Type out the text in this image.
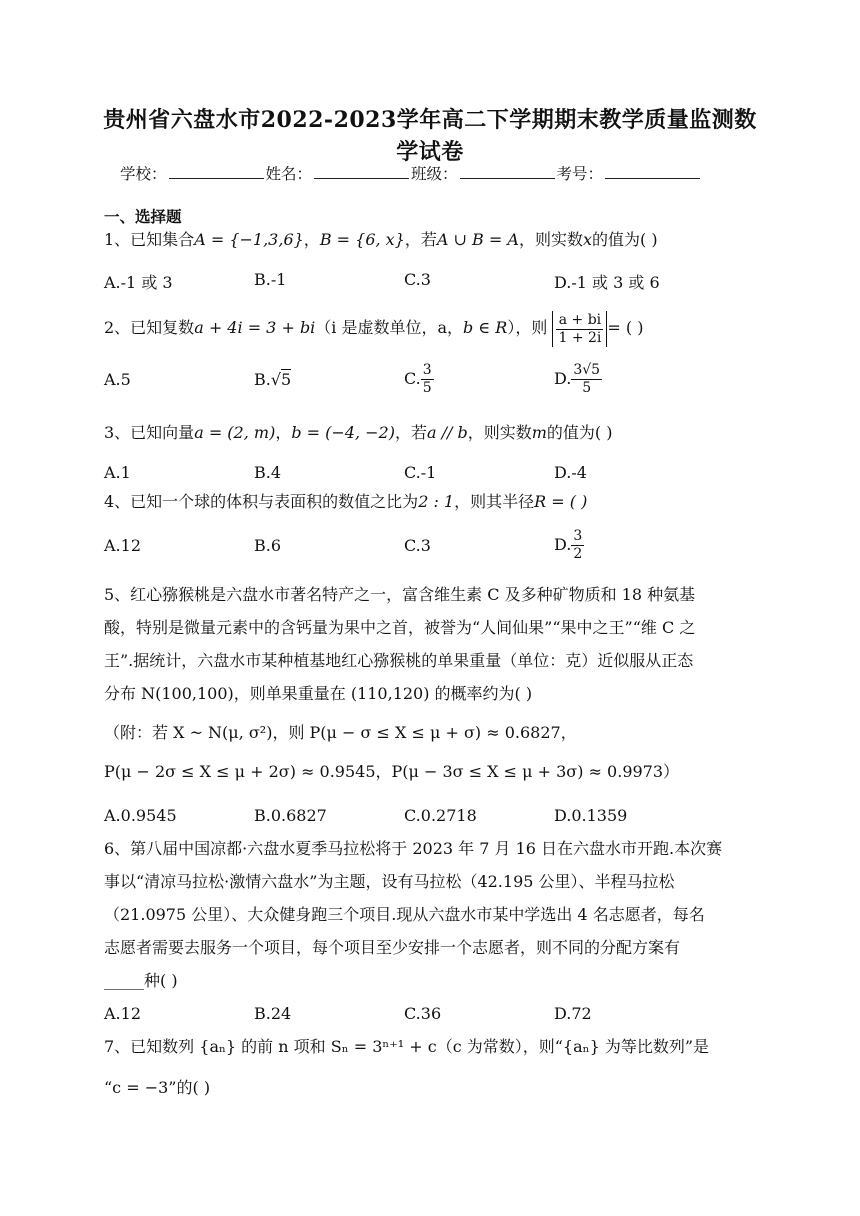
贵州省六盘水市2022-2023学年高二下学期期末教学质量监测数学试卷
学校：	姓名：	班级：	考号：
一、选择题
1、已知集合A = {−1,3,6}，B = {6, x}，若A ∪ B = A，则实数x的值为( )
A.-1 或 3	B.-1	C.3	D.-1 或 3 或 6
2、已知复数a + 4i = 3 + bi（i 是虚数单位，a，b ∈ R），则 $\frac{a + bi}{1 + 2i}$ = ( )
A.5	B.√5	C. $\frac{3}{5}$	D. $\frac{3√5}{5}$
3、已知向量a = (2, m)，b = (−4, −2)，若a // b，则实数m的值为( )
A.1	B.4	C.-1	D.-4
4、已知一个球的体积与表面积的数值之比为2 : 1，则其半径R = ( )
A.12	B.6	C.3	D. $\frac{3}{2}$
5、红心猕猴桃是六盘水市著名特产之一，富含维生素 C 及多种矿物质和 18 种氨基
酸，特别是微量元素中的含钙量为果中之首，被誉为“人间仙果”“果中之王”“维 C 之
王”.据统计，六盘水市某种植基地红心猕猴桃的单果重量（单位：克）近似服从正态
分布 N(100,100)，则单果重量在 (110,120) 的概率约为( )
（附：若 X ~ N(μ, σ²)，则 P(μ − σ ≤ X ≤ μ + σ) ≈ 0.6827，
P(μ − 2σ ≤ X ≤ μ + 2σ) ≈ 0.9545，P(μ − 3σ ≤ X ≤ μ + 3σ) ≈ 0.9973）
A.0.9545	B.0.6827	C.0.2718	D.0.1359
6、第八届中国凉都·六盘水夏季马拉松将于 2023 年 7 月 16 日在六盘水市开跑.本次赛
事以“清凉马拉松·激情六盘水”为主题，设有马拉松（42.195 公里）、半程马拉松
（21.0975 公里）、大众健身跑三个项目.现从六盘水市某中学选出 4 名志愿者，每名
志愿者需要去服务一个项目，每个项目至少安排一个志愿者，则不同的分配方案有
_____种( )
A.12	B.24	C.36	D.72
7、已知数列 {aₙ} 的前 n 项和 Sₙ = 3ⁿ⁺¹ + c（c 为常数），则“{aₙ} 为等比数列”是
“c = −3”的( )
